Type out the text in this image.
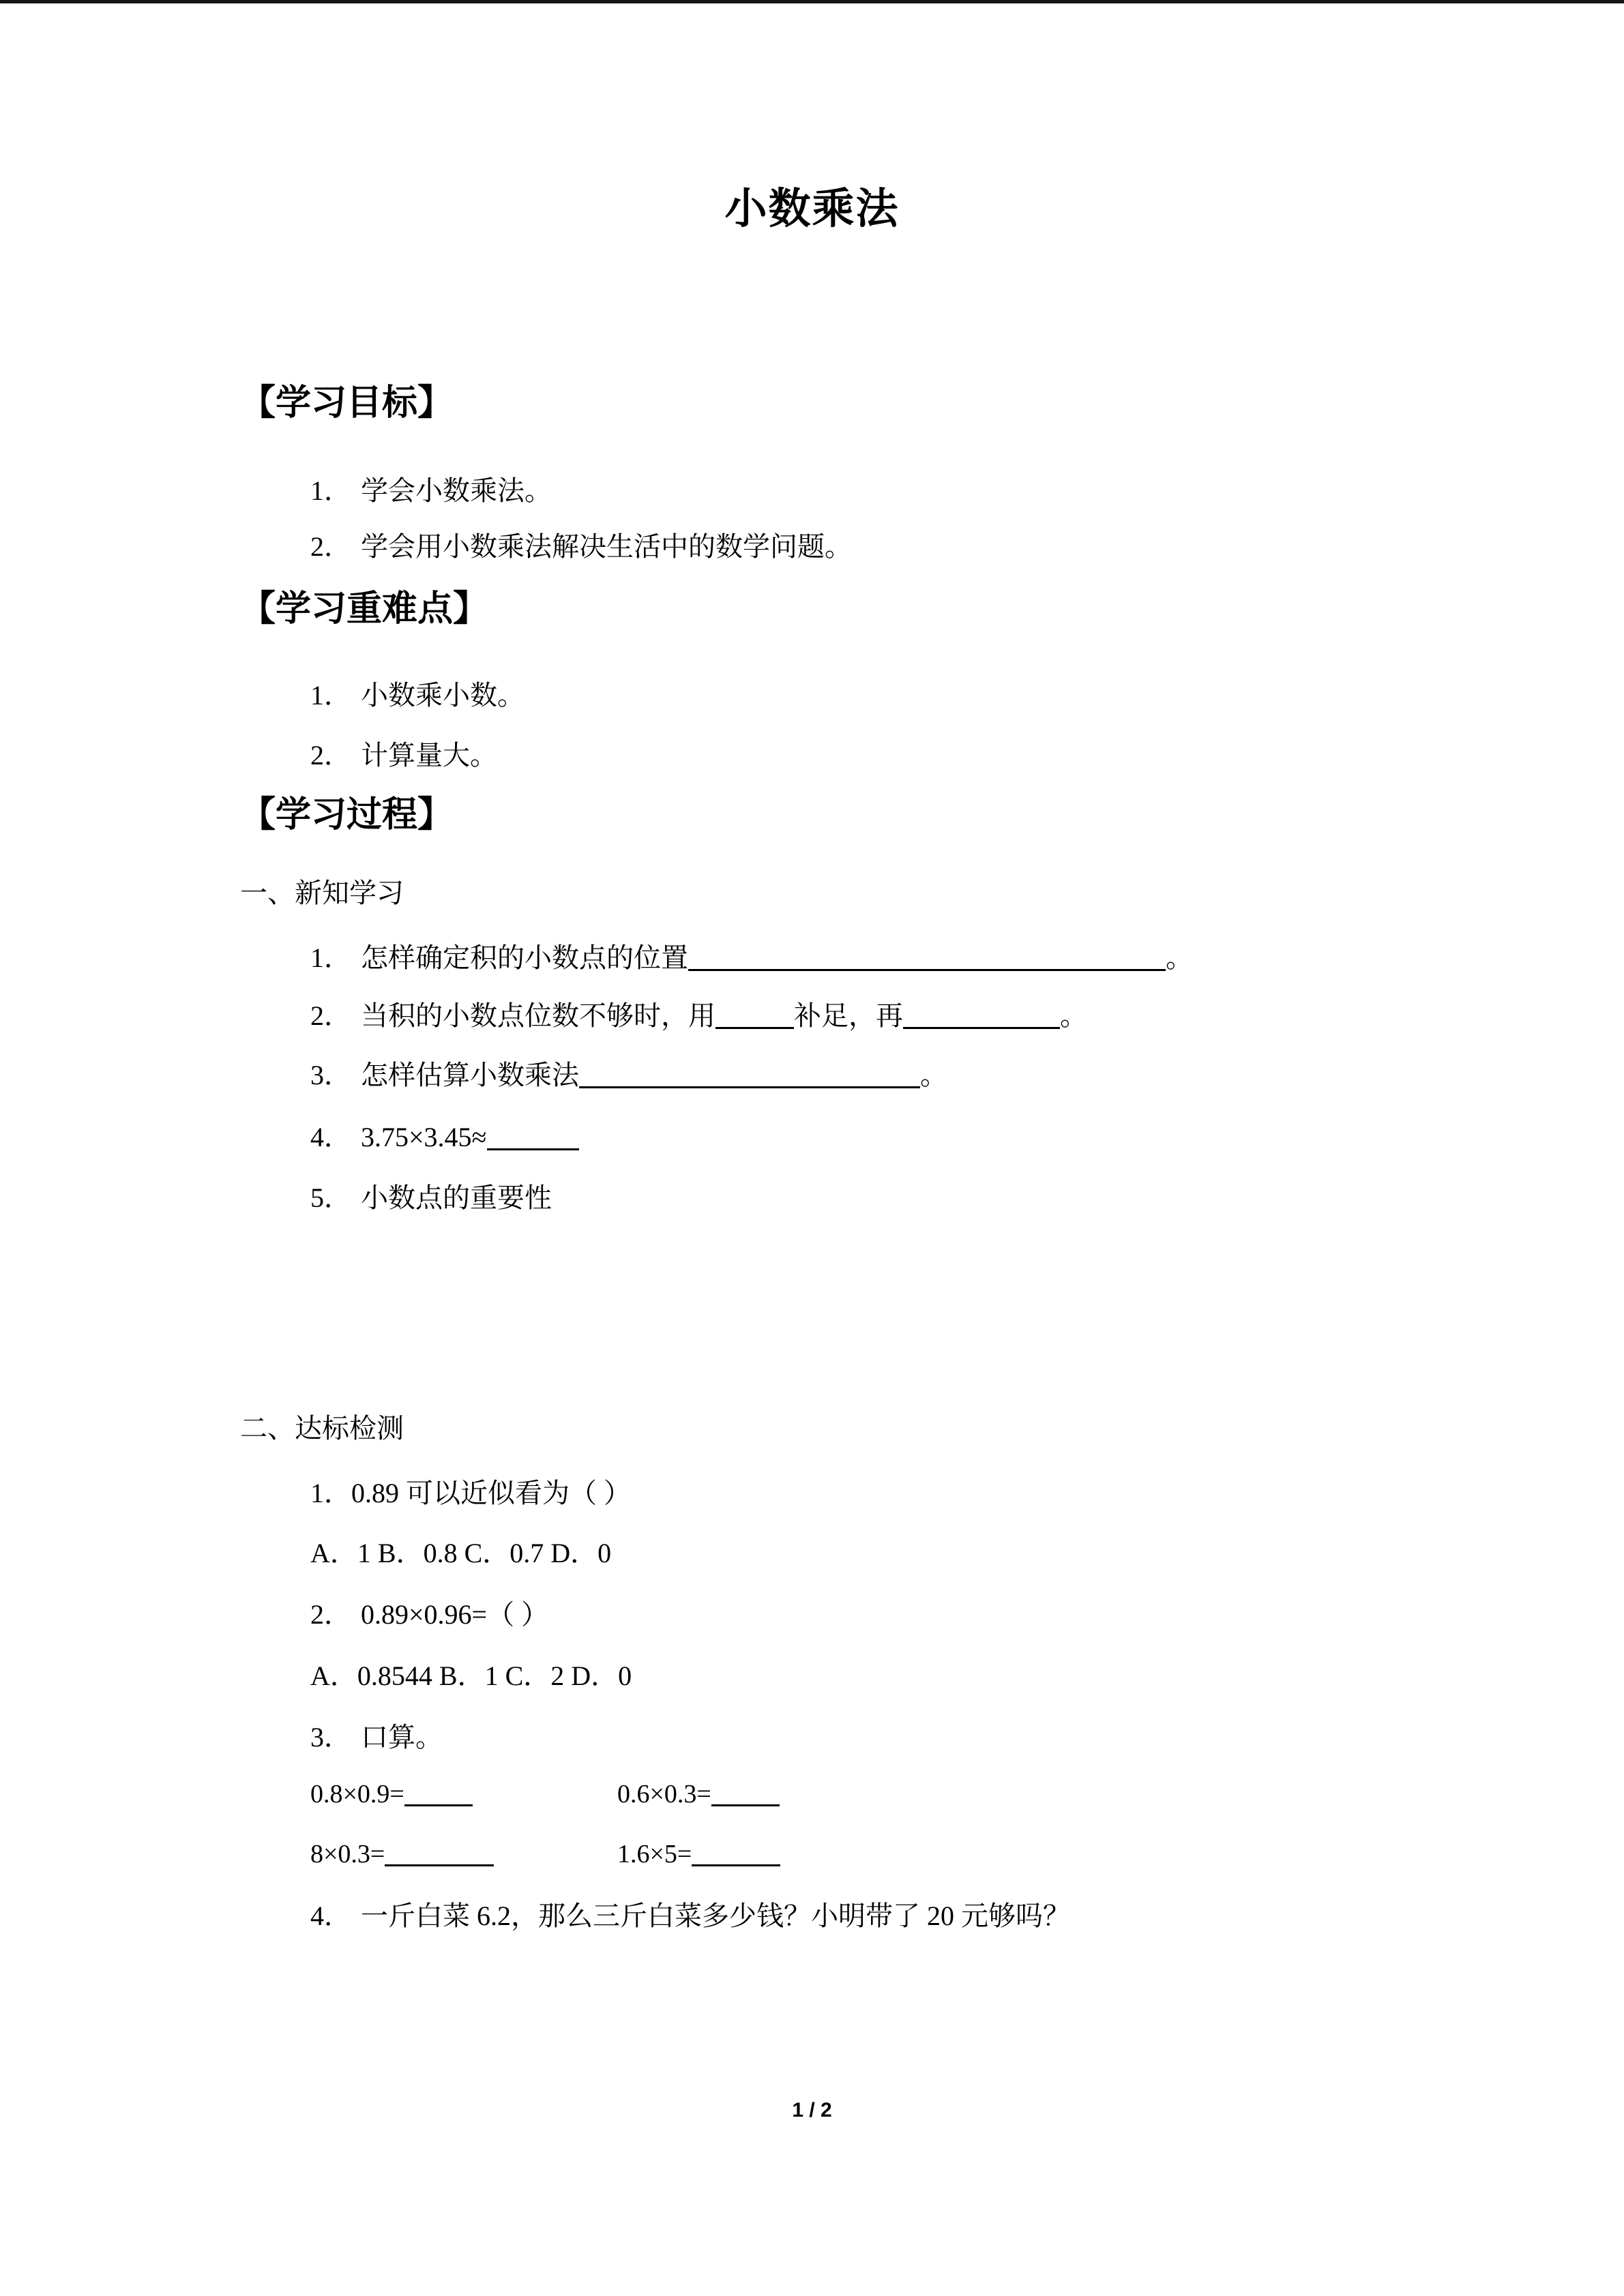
小数乘法
【学习目标】
1． 学会小数乘法。
2． 学会用小数乘法解决生活中的数学问题。
【学习重难点】
1． 小数乘小数。
2． 计算量大。
【学习过程】
一、新知学习
1． 怎样确定积的小数点的位置	。
2． 当积的小数点位数不够时，用	补足，再	。
3． 怎样估算小数乘法	。
4． 3.75×3.45≈
5． 小数点的重要性
二、达标检测
1．0.89 可以近似看为（ ）
A．1 B．0.8 C．0.7 D．0
2． 0.89×0.96=（ ）
A．0.8544 B．1 C．2 D．0
3． 口算。
0.8×0.9=	0.6×0.3=
8×0.3=	1.6×5=
4． 一斤白菜 6.2，那么三斤白菜多少钱？小明带了 20 元够吗？
1 / 2
